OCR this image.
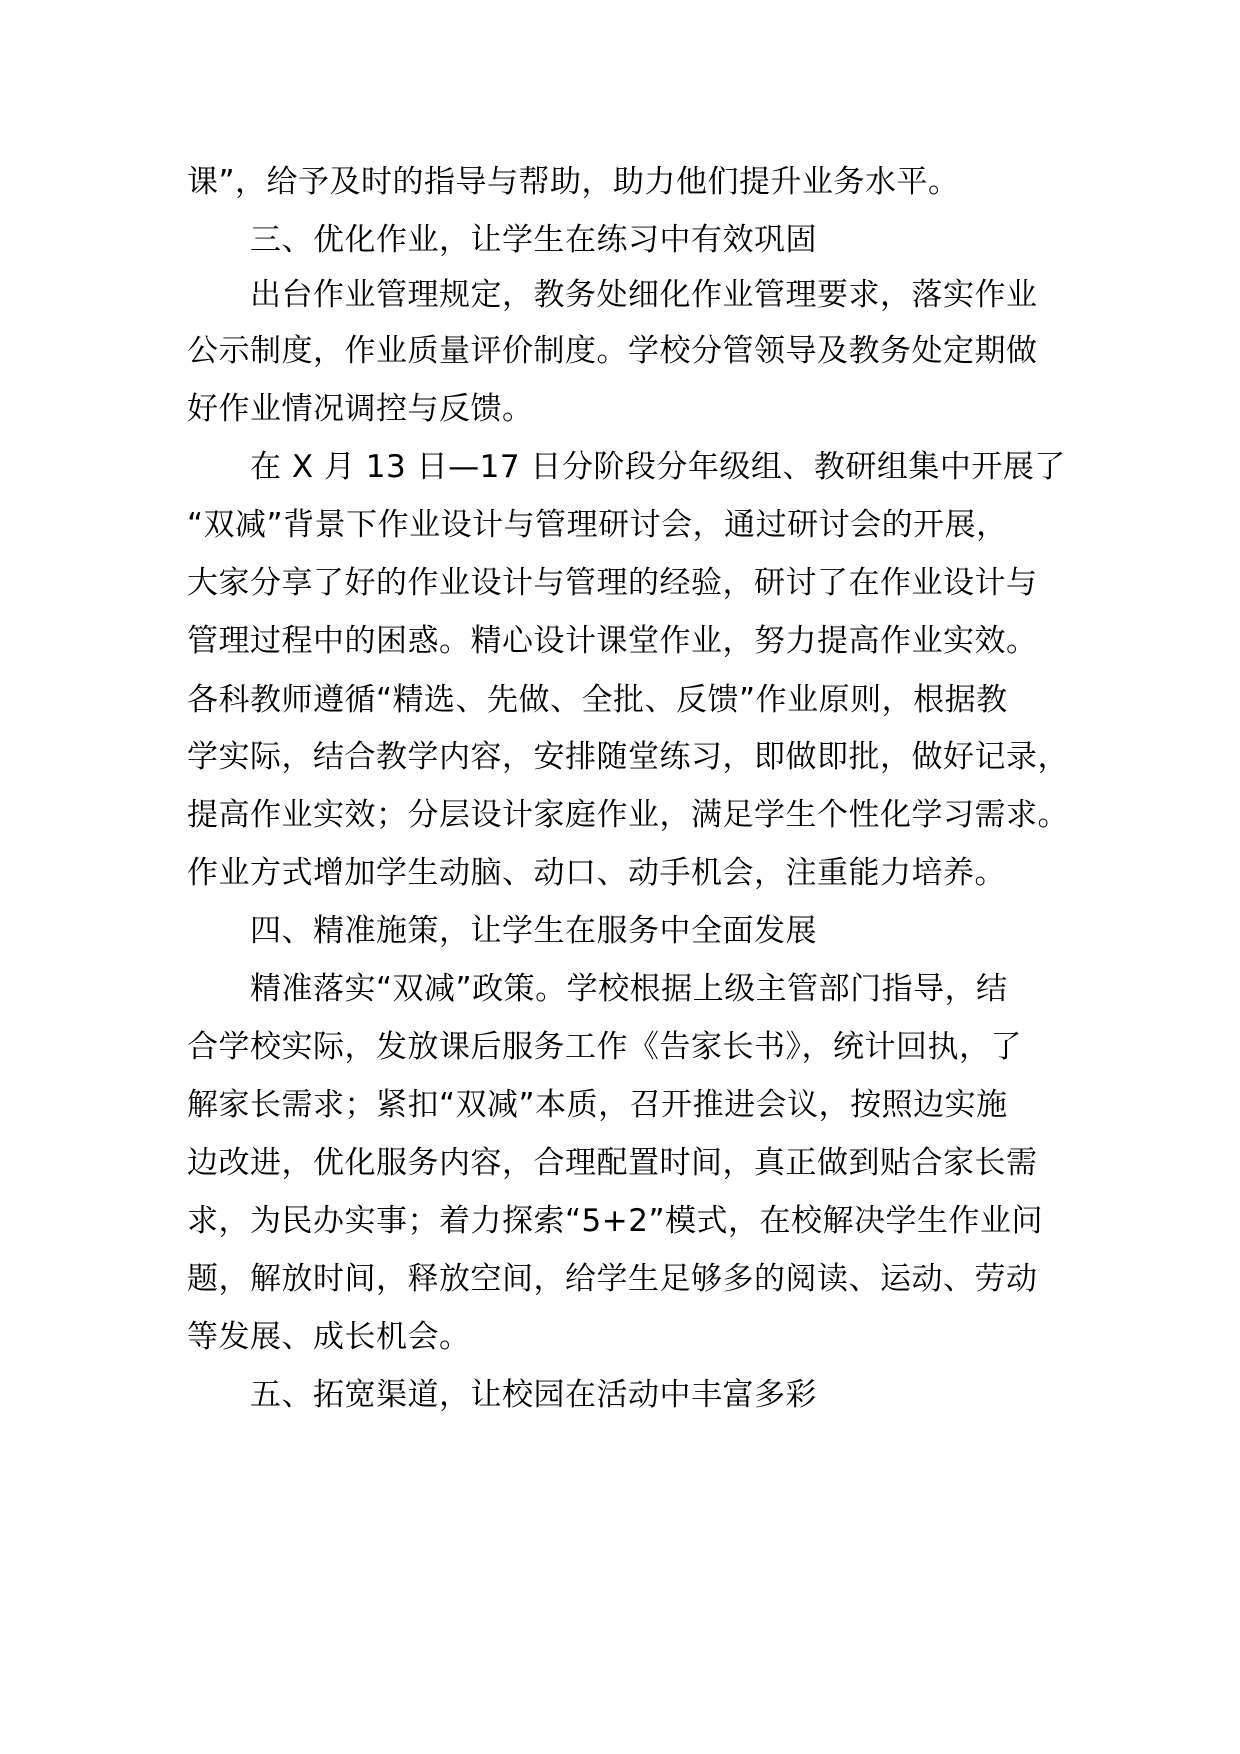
课”，给予及时的指导与帮助，助力他们提升业务水平。
三、优化作业，让学生在练习中有效巩固
出台作业管理规定，教务处细化作业管理要求，落实作业
公示制度，作业质量评价制度。学校分管领导及教务处定期做
好作业情况调控与反馈。
在 X 月 13 日—17 日分阶段分年级组、教研组集中开展了
“双减”背景下作业设计与管理研讨会，通过研讨会的开展，
大家分享了好的作业设计与管理的经验，研讨了在作业设计与
管理过程中的困惑。精心设计课堂作业，努力提高作业实效。
各科教师遵循“精选、先做、全批、反馈”作业原则，根据教
学实际，结合教学内容，安排随堂练习，即做即批，做好记录，
提高作业实效；分层设计家庭作业，满足学生个性化学习需求。
作业方式增加学生动脑、动口、动手机会，注重能力培养。
四、精准施策，让学生在服务中全面发展
精准落实“双减”政策。学校根据上级主管部门指导，结
合学校实际，发放课后服务工作《告家长书》，统计回执，了
解家长需求；紧扣“双减”本质，召开推进会议，按照边实施
边改进，优化服务内容，合理配置时间，真正做到贴合家长需
求，为民办实事；着力探索“5+2”模式，在校解决学生作业问
题，解放时间，释放空间，给学生足够多的阅读、运动、劳动
等发展、成长机会。
五、拓宽渠道，让校园在活动中丰富多彩
